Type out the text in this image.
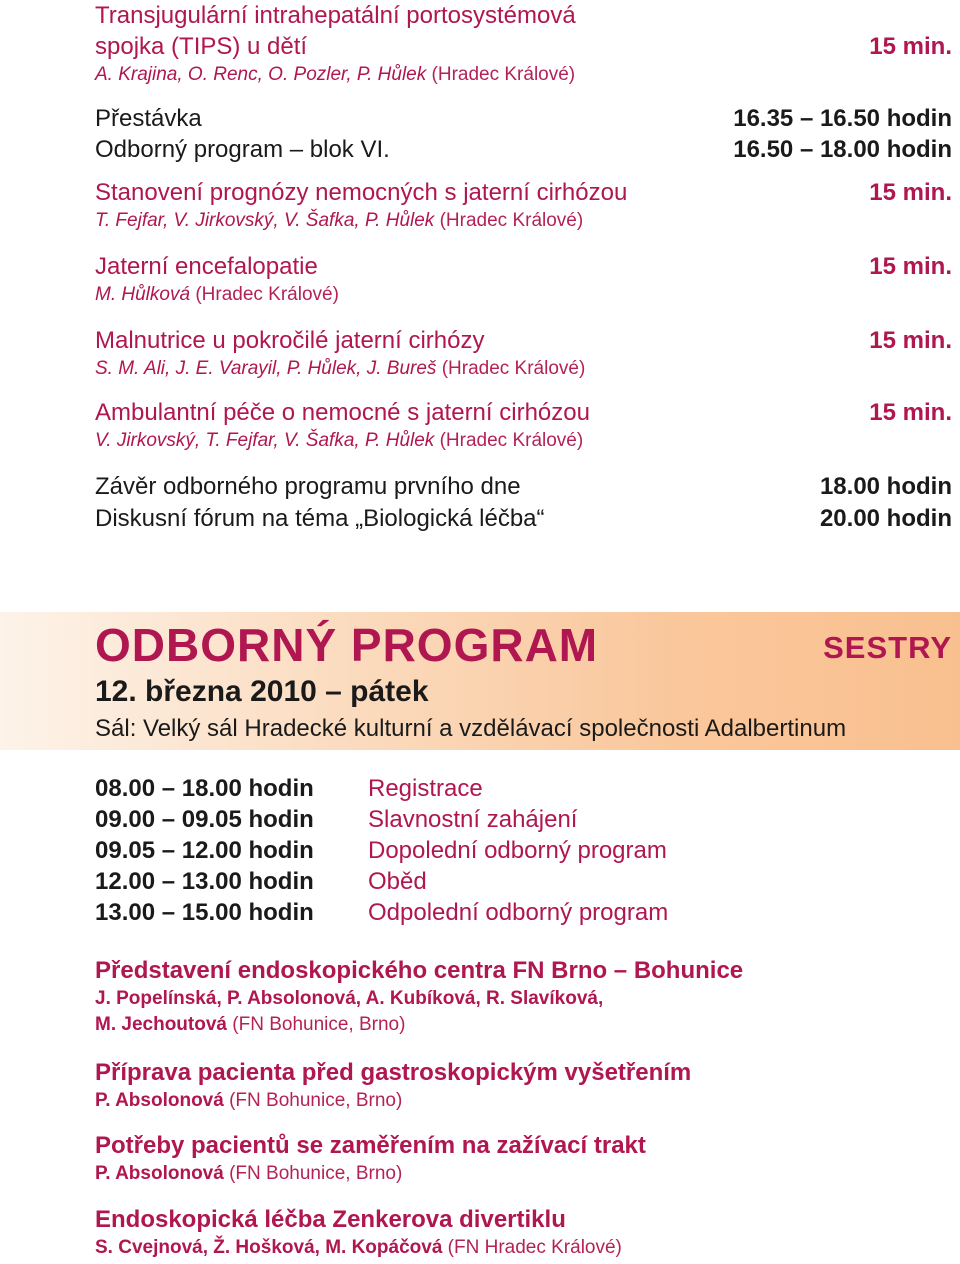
Transjugulární intrahepatální portosystémová
spojka (TIPS) u dětí	15 min.
A. Krajina, O. Renc, O. Pozler, P. Hůlek (Hradec Králové)
Přestávka	16.35 – 16.50 hodin
Odborný program – blok VI.	16.50 – 18.00 hodin
Stanovení prognózy nemocných s jaterní cirhózou	15 min.
T. Fejfar, V. Jirkovský, V. Šafka, P. Hůlek (Hradec Králové)
Jaterní encefalopatie	15 min.
M. Hůlková (Hradec Králové)
Malnutrice u pokročilé jaterní cirhózy	15 min.
S. M. Ali, J. E. Varayil, P. Hůlek, J. Bureš (Hradec Králové)
Ambulantní péče o nemocné s jaterní cirhózou	15 min.
V. Jirkovský, T. Fejfar, V. Šafka, P. Hůlek (Hradec Králové)
Závěr odborného programu prvního dne	18.00 hodin
Diskusní fórum na téma „Biologická léčba“	20.00 hodin
ODBORNÝ PROGRAM	SESTRY
12. března 2010 – pátek
Sál: Velký sál Hradecké kulturní a vzdělávací společnosti Adalbertinum
08.00 – 18.00 hodin	Registrace
09.00 – 09.05 hodin	Slavnostní zahájení
09.05 – 12.00 hodin	Dopolední odborný program
12.00 – 13.00 hodin	Oběd
13.00 – 15.00 hodin	Odpolední odborný program
Představení endoskopického centra FN Brno – Bohunice
J. Popelínská, P. Absolonová, A. Kubíková, R. Slavíková,
M. Jechoutová (FN Bohunice, Brno)
Příprava pacienta před gastroskopickým vyšetřením
P. Absolonová (FN Bohunice, Brno)
Potřeby pacientů se zaměřením na zažívací trakt
P. Absolonová (FN Bohunice, Brno)
Endoskopická léčba Zenkerova divertiklu
S. Cvejnová, Ž. Hošková, M. Kopáčová (FN Hradec Králové)
